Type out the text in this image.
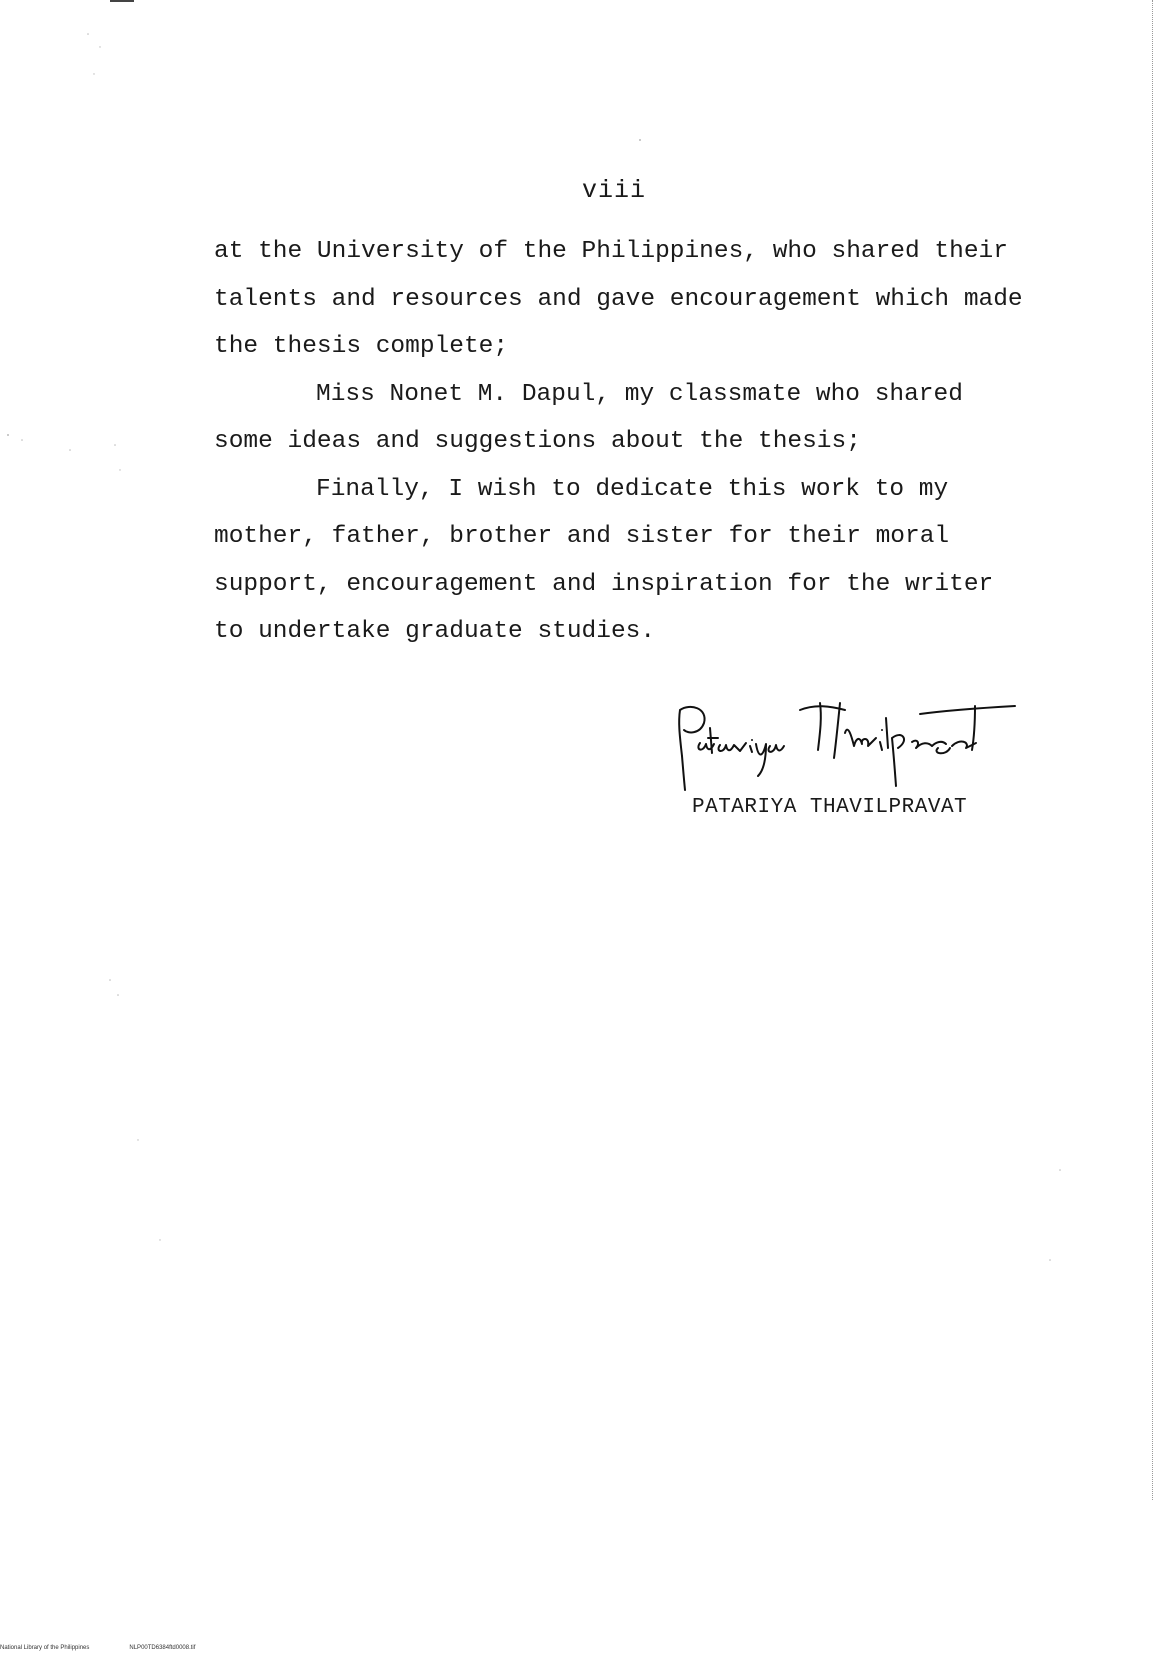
viii
at the University of the Philippines, who shared their
talents and resources and gave encouragement which made
the thesis complete;
Miss Nonet M. Dapul, my classmate who shared
some ideas and suggestions about the thesis;
Finally, I wish to dedicate this work to my
mother, father, brother and sister for their moral
support, encouragement and inspiration for the writer
to undertake graduate studies.
PATARIYA THAVILPRAVAT
National Library of the Philippines	NLP00TD6384ftd0008.tif
